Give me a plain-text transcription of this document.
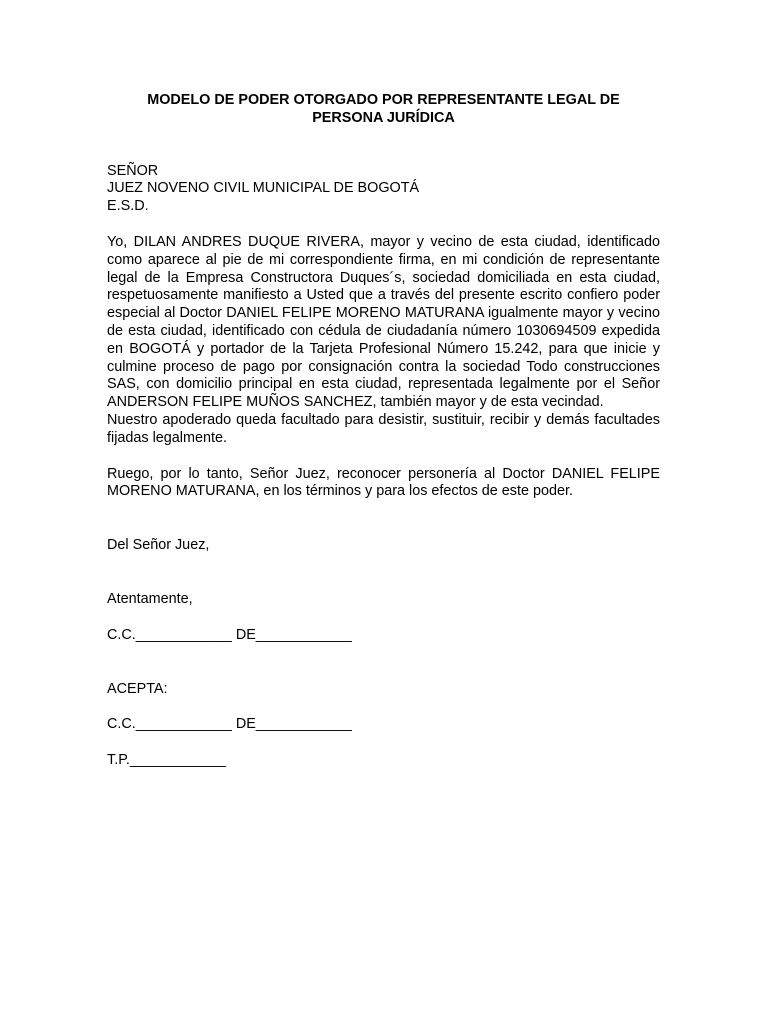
MODELO DE PODER OTORGADO POR REPRESENTANTE LEGAL DE
PERSONA JURÍDICA
SEÑOR
JUEZ NOVENO CIVIL MUNICIPAL DE BOGOTÁ
E.S.D.
Yo, DILAN ANDRES DUQUE RIVERA, mayor y vecino de esta ciudad, identificado como aparece al pie de mi correspondiente firma, en mi condición de representante legal de la Empresa Constructora Duques´s, sociedad domiciliada en esta ciudad, respetuosamente manifiesto a Usted que a través del presente escrito confiero poder especial al Doctor DANIEL FELIPE MORENO MATURANA igualmente mayor y vecino de esta ciudad, identificado con cédula de ciudadanía número 1030694509 expedida en BOGOTÁ y portador de la Tarjeta Profesional Número 15.242, para que inicie y culmine proceso de pago por consignación contra la sociedad Todo construcciones SAS, con domicilio principal en esta ciudad, representada legalmente por el Señor ANDERSON FELIPE MUÑOS SANCHEZ, también mayor y de esta vecindad.
Nuestro apoderado queda facultado para desistir, sustituir, recibir y demás facultades fijadas legalmente.
Ruego, por lo tanto, Señor Juez, reconocer personería al Doctor DANIEL FELIPE MORENO MATURANA, en los términos y para los efectos de este poder.
Del Señor Juez,
Atentamente,
C.C.____________ DE____________
ACEPTA:
C.C.____________ DE____________
T.P.____________
